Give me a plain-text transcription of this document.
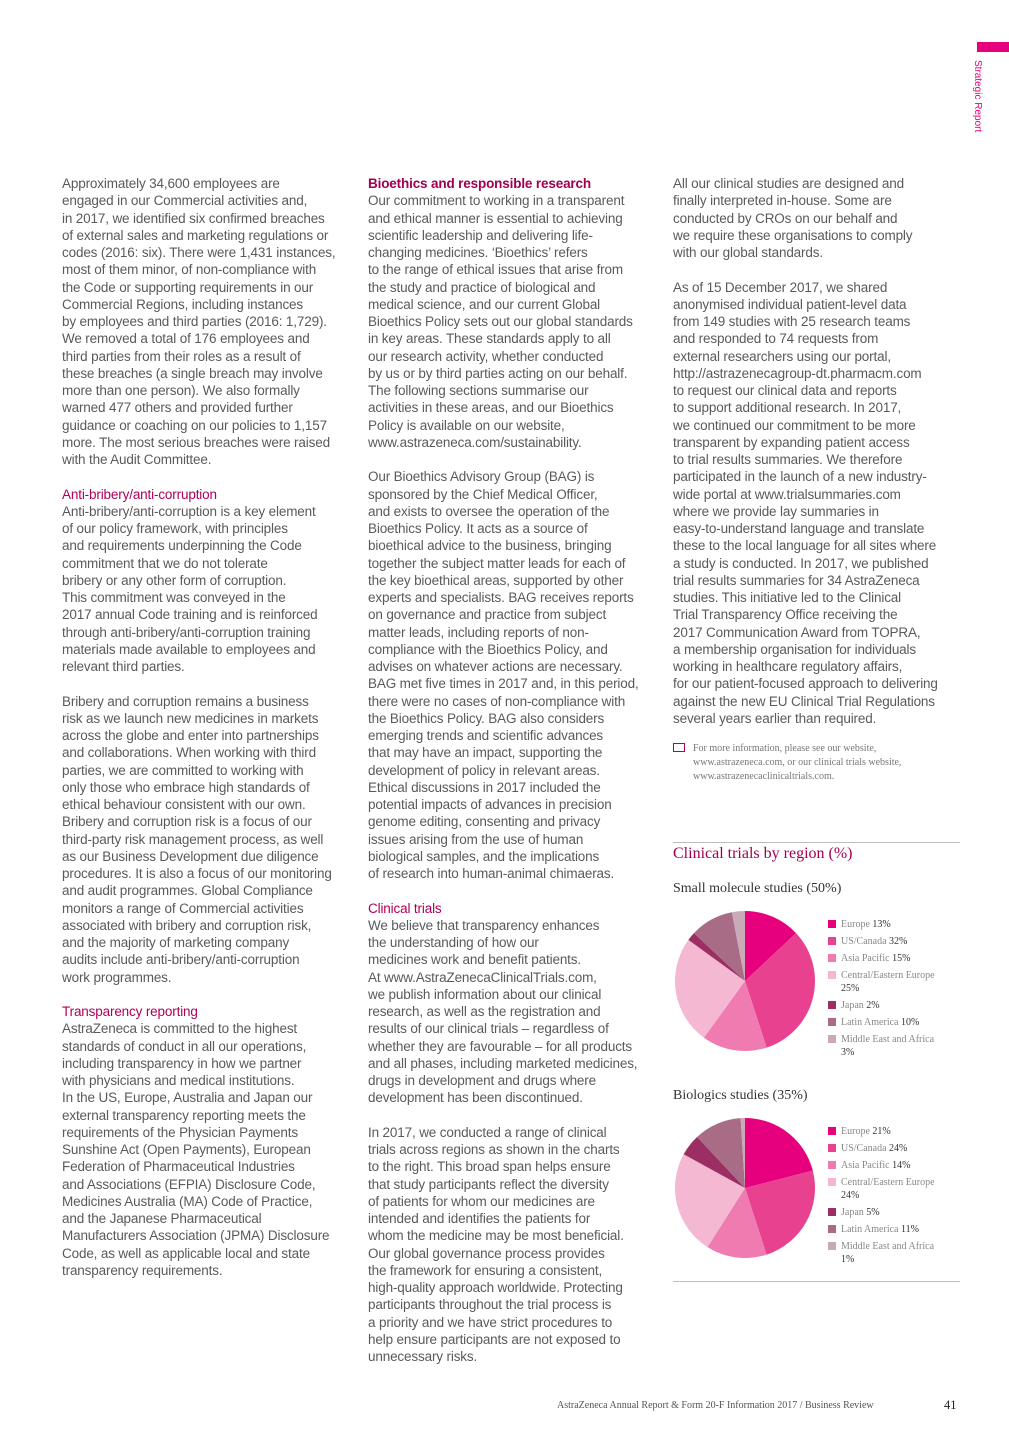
Strategic Report
Approximately 34,600 employees are
engaged in our Commercial activities and,
in 2017, we identified six confirmed breaches
of external sales and marketing regulations or
codes (2016: six). There were 1,431 instances,
most of them minor, of non-compliance with
the Code or supporting requirements in our
Commercial Regions, including instances
by employees and third parties (2016: 1,729).
We removed a total of 176 employees and
third parties from their roles as a result of
these breaches (a single breach may involve
more than one person). We also formally
warned 477 others and provided further
guidance or coaching on our policies to 1,157
more. The most serious breaches were raised
with the Audit Committee.
Anti-bribery/anti-corruption
Anti-bribery/anti-corruption is a key element
of our policy framework, with principles
and requirements underpinning the Code
commitment that we do not tolerate
bribery or any other form of corruption.
This commitment was conveyed in the
2017 annual Code training and is reinforced
through anti-bribery/anti-corruption training
materials made available to employees and
relevant third parties.
Bribery and corruption remains a business
risk as we launch new medicines in markets
across the globe and enter into partnerships
and collaborations. When working with third
parties, we are committed to working with
only those who embrace high standards of
ethical behaviour consistent with our own.
Bribery and corruption risk is a focus of our
third-party risk management process, as well
as our Business Development due diligence
procedures. It is also a focus of our monitoring
and audit programmes. Global Compliance
monitors a range of Commercial activities
associated with bribery and corruption risk,
and the majority of marketing company
audits include anti-bribery/anti-corruption
work programmes.
Transparency reporting
AstraZeneca is committed to the highest
standards of conduct in all our operations,
including transparency in how we partner
with physicians and medical institutions.
In the US, Europe, Australia and Japan our
external transparency reporting meets the
requirements of the Physician Payments
Sunshine Act (Open Payments), European
Federation of Pharmaceutical Industries
and Associations (EFPIA) Disclosure Code,
Medicines Australia (MA) Code of Practice,
and the Japanese Pharmaceutical
Manufacturers Association (JPMA) Disclosure
Code, as well as applicable local and state
transparency requirements.
Bioethics and responsible research
Our commitment to working in a transparent
and ethical manner is essential to achieving
scientific leadership and delivering life-
changing medicines. ‘Bioethics’ refers
to the range of ethical issues that arise from
the study and practice of biological and
medical science, and our current Global
Bioethics Policy sets out our global standards
in key areas. These standards apply to all
our research activity, whether conducted
by us or by third parties acting on our behalf.
The following sections summarise our
activities in these areas, and our Bioethics
Policy is available on our website,
www.astrazeneca.com/sustainability.
Our Bioethics Advisory Group (BAG) is
sponsored by the Chief Medical Officer,
and exists to oversee the operation of the
Bioethics Policy. It acts as a source of
bioethical advice to the business, bringing
together the subject matter leads for each of
the key bioethical areas, supported by other
experts and specialists. BAG receives reports
on governance and practice from subject
matter leads, including reports of non-
compliance with the Bioethics Policy, and
advises on whatever actions are necessary.
BAG met five times in 2017 and, in this period,
there were no cases of non-compliance with
the Bioethics Policy. BAG also considers
emerging trends and scientific advances
that may have an impact, supporting the
development of policy in relevant areas.
Ethical discussions in 2017 included the
potential impacts of advances in precision
genome editing, consenting and privacy
issues arising from the use of human
biological samples, and the implications
of research into human-animal chimaeras.
Clinical trials
We believe that transparency enhances
the understanding of how our
medicines work and benefit patients.
At www.AstraZenecaClinicalTrials.com,
we publish information about our clinical
research, as well as the registration and
results of our clinical trials – regardless of
whether they are favourable – for all products
and all phases, including marketed medicines,
drugs in development and drugs where
development has been discontinued.
In 2017, we conducted a range of clinical
trials across regions as shown in the charts
to the right. This broad span helps ensure
that study participants reflect the diversity
of patients for whom our medicines are
intended and identifies the patients for
whom the medicine may be most beneficial.
Our global governance process provides
the framework for ensuring a consistent,
high-quality approach worldwide. Protecting
participants throughout the trial process is
a priority and we have strict procedures to
help ensure participants are not exposed to
unnecessary risks.
All our clinical studies are designed and
finally interpreted in-house. Some are
conducted by CROs on our behalf and
we require these organisations to comply
with our global standards.
As of 15 December 2017, we shared
anonymised individual patient-level data
from 149 studies with 25 research teams
and responded to 74 requests from
external researchers using our portal,
http://astrazenecagroup-dt.pharmacm.com
to request our clinical data and reports
to support additional research. In 2017,
we continued our commitment to be more
transparent by expanding patient access
to trial results summaries. We therefore
participated in the launch of a new industry-
wide portal at www.trialsummaries.com
where we provide lay summaries in
easy-to-understand language and translate
these to the local language for all sites where
a study is conducted. In 2017, we published
trial results summaries for 34 AstraZeneca
studies. This initiative led to the Clinical
Trial Transparency Office receiving the
2017 Communication Award from TOPRA,
a membership organisation for individuals
working in healthcare regulatory affairs,
for our patient-focused approach to delivering
against the new EU Clinical Trial Regulations
several years earlier than required.
For more information, please see our website, www.astrazeneca.com, or our clinical trials website, www.astrazenecaclinicaltrials.com.
Clinical trials by region (%)
Small molecule studies (50%)
Europe 13%
US/Canada 32%
Asia Pacific 15%
Central/Eastern Europe 25%
Japan 2%
Latin America 10%
Middle East and Africa 3%
Biologics studies (35%)
Europe 21%
US/Canada 24%
Asia Pacific 14%
Central/Eastern Europe 24%
Japan 5%
Latin America 11%
Middle East and Africa 1%
AstraZeneca Annual Report & Form 20-F Information 2017 / Business Review	41
